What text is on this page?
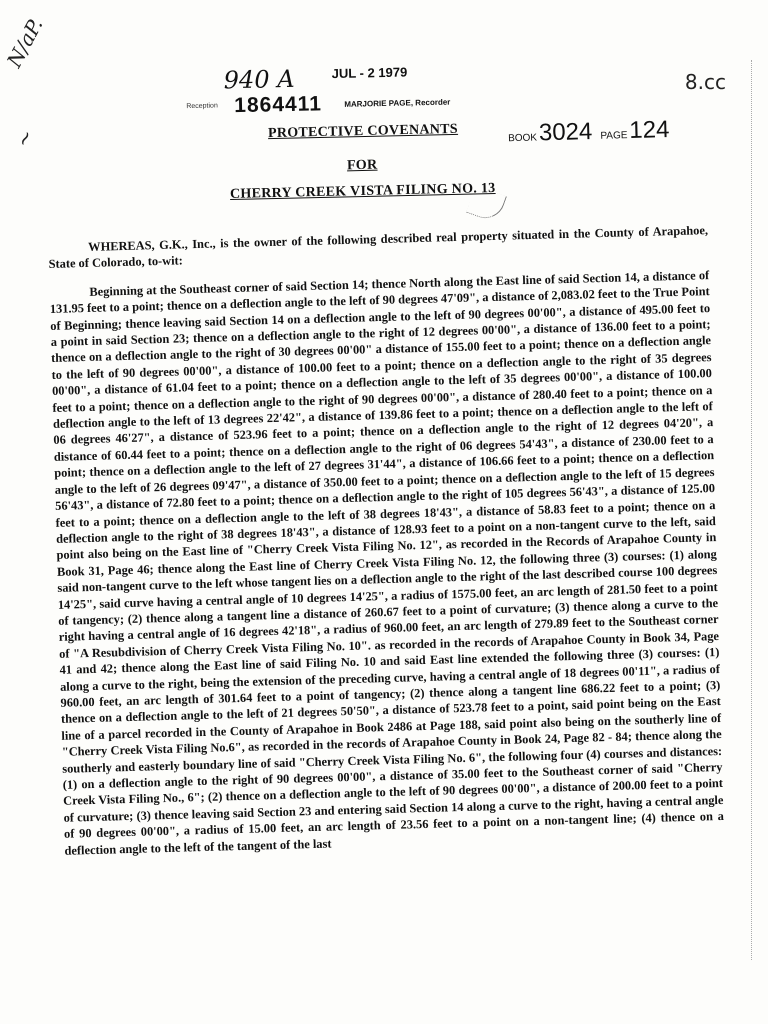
N/aP.
~
8.cc
940 A	JUL - 2 1979
Reception 1864411	MARJORIE PAGE, Recorder
BOOK3024 PAGE124
PROTECTIVE COVENANTS
FOR
CHERRY CREEK VISTA FILING NO. 13

WHEREAS, G.K., Inc., is the owner of the following described real property situated in the County of Arapahoe, State of Colorado, to-wit:

Beginning at the Southeast corner of said Section 14; thence North along the East line of said Section 14, a distance of 131.95 feet to a point; thence on a deflection angle to the left of 90 degrees 47'09", a distance of 2,083.02 feet to the True Point of Beginning; thence leaving said Section 14 on a deflection angle to the left of 90 degrees 00'00", a distance of 495.00 feet to a point in said Section 23; thence on a deflection angle to the right of 12 degrees 00'00", a distance of 136.00 feet to a point; thence on a deflection angle to the right of 30 degrees 00'00" a distance of 155.00 feet to a point; thence on a deflection angle to the left of 90 degrees 00'00", a distance of 100.00 feet to a point; thence on a deflection angle to the right of 35 degrees 00'00", a distance of 61.04 feet to a point; thence on a deflection angle to the left of 35 degrees 00'00", a distance of 100.00 feet to a point; thence on a deflection angle to the right of 90 degrees 00'00", a distance of 280.40 feet to a point; thence on a deflection angle to the left of 13 degrees 22'42", a distance of 139.86 feet to a point; thence on a deflection angle to the left of 06 degrees 46'27", a distance of 523.96 feet to a point; thence on a deflection angle to the right of 12 degrees 04'20", a distance of 60.44 feet to a point; thence on a deflection angle to the right of 06 degrees 54'43", a distance of 230.00 feet to a point; thence on a deflection angle to the left of 27 degrees 31'44", a distance of 106.66 feet to a point; thence on a deflection angle to the left of 26 degrees 09'47", a distance of 350.00 feet to a point; thence on a deflection angle to the left of 15 degrees 56'43", a distance of 72.80 feet to a point; thence on a deflection angle to the right of 105 degrees 56'43", a distance of 125.00 feet to a point; thence on a deflection angle to the left of 38 degrees 18'43", a distance of 58.83 feet to a point; thence on a deflection angle to the right of 38 degrees 18'43", a distance of 128.93 feet to a point on a non-tangent curve to the left, said point also being on the East line of "Cherry Creek Vista Filing No. 12", as recorded in the Records of Arapahoe County in Book 31, Page 46; thence along the East line of Cherry Creek Vista Filing No. 12, the following three (3) courses: (1) along said non-tangent curve to the left whose tangent lies on a deflection angle to the right of the last described course 100 degrees 14'25", said curve having a central angle of 10 degrees 14'25", a radius of 1575.00 feet, an arc length of 281.50 feet to a point of tangency; (2) thence along a tangent line a distance of 260.67 feet to a point of curvature; (3) thence along a curve to the right having a central angle of 16 degrees 42'18", a radius of 960.00 feet, an arc length of 279.89 feet to the Southeast corner of "A Resubdivision of Cherry Creek Vista Filing No. 10". as recorded in the records of Arapahoe County in Book 34, Page 41 and 42; thence along the East line of said Filing No. 10 and said East line extended the following three (3) courses: (1) along a curve to the right, being the extension of the preceding curve, having a central angle of 18 degrees 00'11", a radius of 960.00 feet, an arc length of 301.64 feet to a point of tangency; (2) thence along a tangent line 686.22 feet to a point; (3) thence on a deflection angle to the left of 21 degrees 50'50", a distance of 523.78 feet to a point, said point being on the East line of a parcel recorded in the County of Arapahoe in Book 2486 at Page 188, said point also being on the southerly line of "Cherry Creek Vista Filing No.6", as recorded in the records of Arapahoe County in Book 24, Page 82 - 84; thence along the southerly and easterly boundary line of said "Cherry Creek Vista Filing No. 6", the following four (4) courses and distances: (1) on a deflection angle to the right of 90 degrees 00'00", a distance of 35.00 feet to the Southeast corner of said "Cherry Creek Vista Filing No., 6"; (2) thence on a deflection angle to the left of 90 degrees 00'00", a distance of 200.00 feet to a point of curvature; (3) thence leaving said Section 23 and entering said Section 14 along a curve to the right, having a central angle of 90 degrees 00'00", a radius of 15.00 feet, an arc length of 23.56 feet to a point on a non-tangent line; (4) thence on a deflection angle to the left of the tangent of the last
